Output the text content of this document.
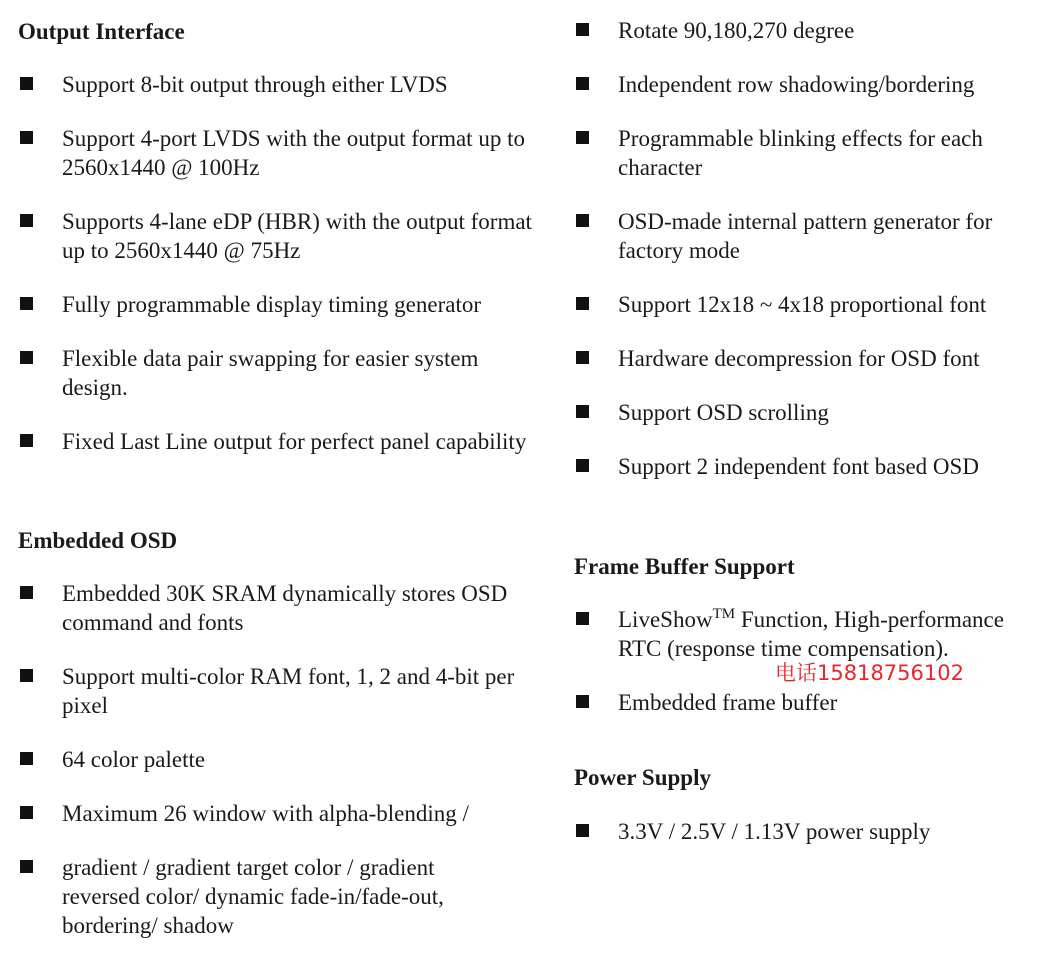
Output Interface
Support 8-bit output through either LVDS
Support 4-port LVDS with the output format up to 2560x1440 @ 100Hz
Supports 4-lane eDP (HBR) with the output format up to 2560x1440 @ 75Hz
Fully programmable display timing generator
Flexible data pair swapping for easier system design.
Fixed Last Line output for perfect panel capability
Embedded OSD
Embedded 30K SRAM dynamically stores OSD command and fonts
Support multi-color RAM font, 1, 2 and 4-bit per pixel
64 color palette
Maximum 26 window with alpha-blending /
gradient / gradient target color / gradient reversed color/ dynamic fade-in/fade-out, bordering/ shadow
Rotate 90,180,270 degree
Independent row shadowing/bordering
Programmable blinking effects for each character
OSD-made internal pattern generator for factory mode
Support 12x18 ~ 4x18 proportional font
Hardware decompression for OSD font
Support OSD scrolling
Support 2 independent font based OSD
Frame Buffer Support
LiveShow™ Function, High-performance RTC (response time compensation).
Embedded frame buffer
Power Supply
3.3V / 2.5V / 1.13V power supply
电话15818756102
